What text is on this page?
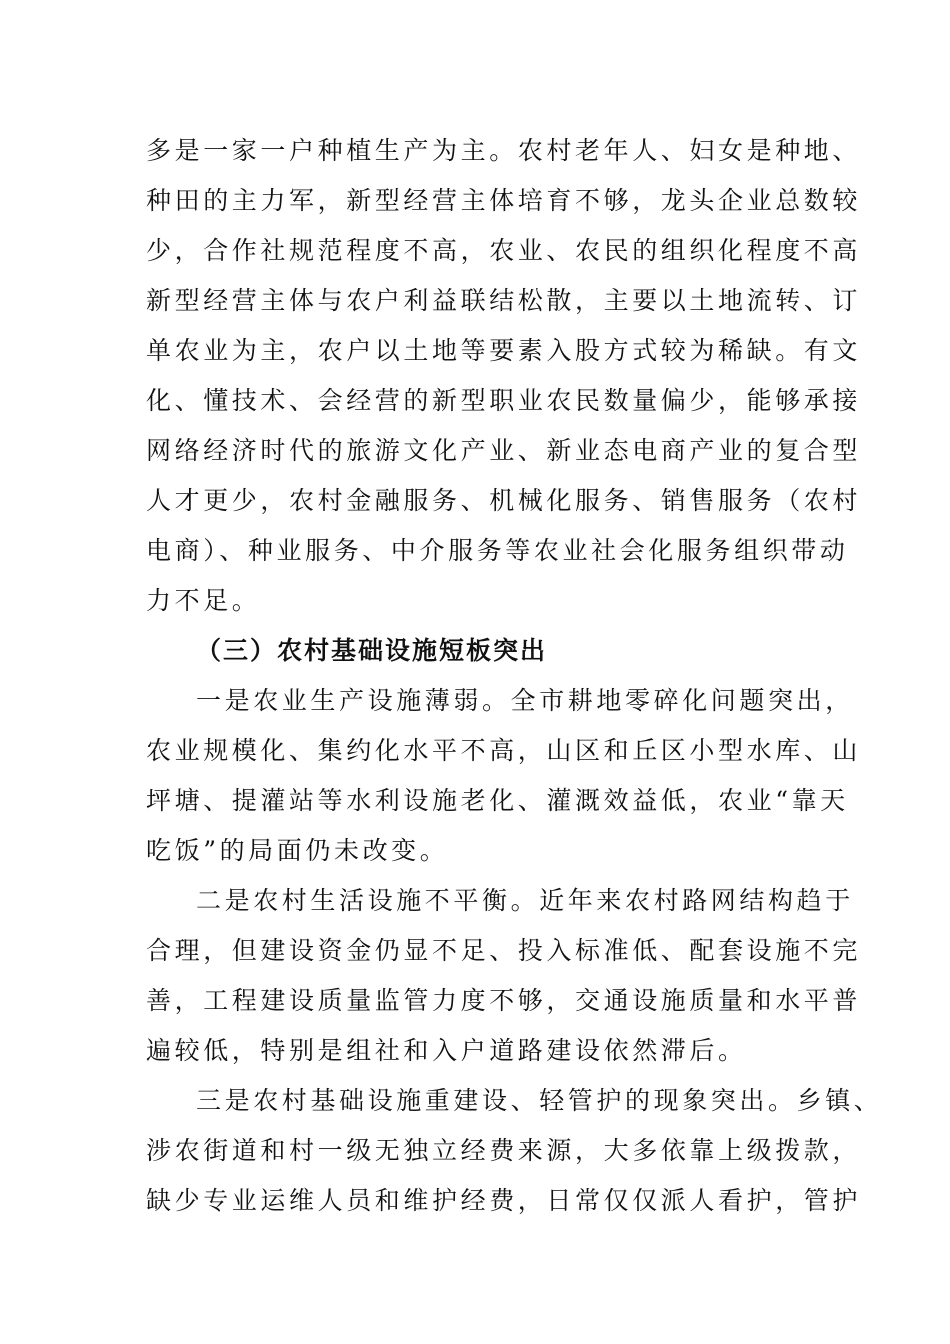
多是一家一户种植生产为主。农村老年人、妇女是种地、
种田的主力军，新型经营主体培育不够，龙头企业总数较
少，合作社规范程度不高，农业、农民的组织化程度不高
新型经营主体与农户利益联结松散，主要以土地流转、订
单农业为主，农户以土地等要素入股方式较为稀缺。有文
化、懂技术、会经营的新型职业农民数量偏少，能够承接
网络经济时代的旅游文化产业、新业态电商产业的复合型
人才更少，农村金融服务、机械化服务、销售服务（农村
电商）、种业服务、中介服务等农业社会化服务组织带动
力不足。
（三）农村基础设施短板突出
一是农业生产设施薄弱。全市耕地零碎化问题突出，
农业规模化、集约化水平不高，山区和丘区小型水库、山
坪塘、提灌站等水利设施老化、灌溉效益低，农业“靠天
吃饭”的局面仍未改变。
二是农村生活设施不平衡。近年来农村路网结构趋于
合理，但建设资金仍显不足、投入标准低、配套设施不完
善，工程建设质量监管力度不够，交通设施质量和水平普
遍较低，特别是组社和入户道路建设依然滞后。
三是农村基础设施重建设、轻管护的现象突出。乡镇、
涉农街道和村一级无独立经费来源，大多依靠上级拨款，
缺少专业运维人员和维护经费，日常仅仅派人看护，管护
